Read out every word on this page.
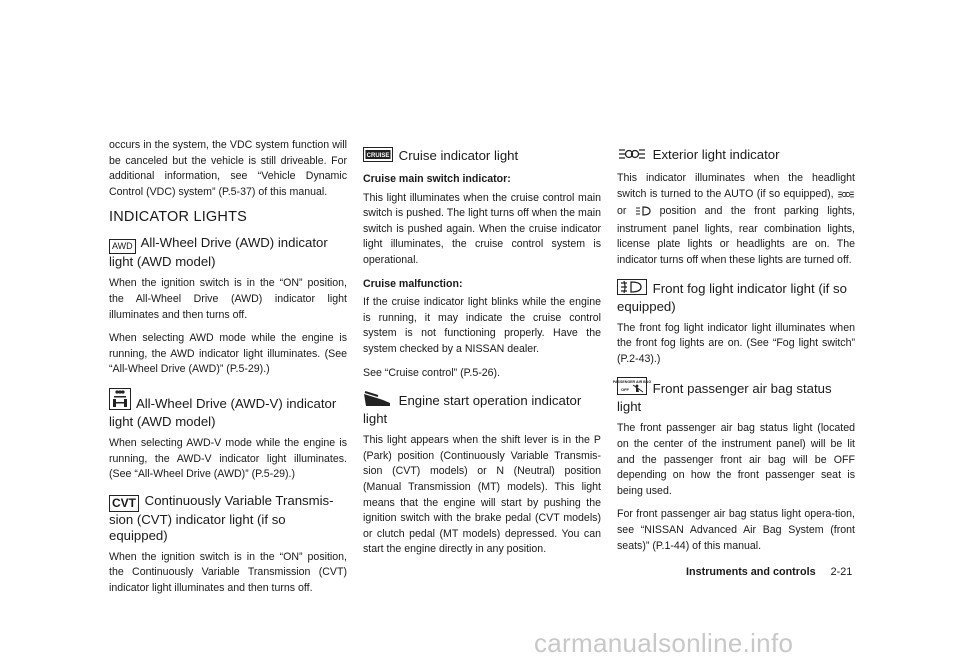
occurs in the system, the VDC system function will be canceled but the vehicle is still driveable. For additional information, see “Vehicle Dynamic Control (VDC) system” (P.5-37) of this manual.

INDICATOR LIGHTS
AWD All-Wheel Drive (AWD) indicator light (AWD model)

When the ignition switch is in the “ON” position, the All-Wheel Drive (AWD) indicator light illuminates and then turns off.

When selecting AWD mode while the engine is running, the AWD indicator light illuminates. (See “All-Wheel Drive (AWD)” (P.5-29).)

All-Wheel Drive (AWD-V) indicator light (AWD model)

When selecting AWD-V mode while the engine is running, the AWD-V indicator light illuminates. (See “All-Wheel Drive (AWD)” (P.5-29).)

CVT Continuously Variable Transmis-sion (CVT) indicator light (if so equipped)

When the ignition switch is in the “ON” position, the Continuously Variable Transmission (CVT) indicator light illuminates and then turns off.

CRUISE Cruise indicator light
Cruise main switch indicator:

This light illuminates when the cruise control main switch is pushed. The light turns off when the main switch is pushed again. When the cruise indicator light illuminates, the cruise control system is operational.

Cruise malfunction:

If the cruise indicator light blinks while the engine is running, it may indicate the cruise control system is not functioning properly. Have the system checked by a NISSAN dealer.

See “Cruise control” (P.5-26).

Engine start operation indicator light

This light appears when the shift lever is in the P (Park) position (Continuously Variable Transmis-sion (CVT) models) or N (Neutral) position (Manual Transmission (MT) models). This light means that the engine will start by pushing the ignition switch with the brake pedal (CVT models) or clutch pedal (MT models) depressed. You can start the engine directly in any position.

Exterior light indicator

This indicator illuminates when the headlight switch is turned to the AUTO (if so equipped),  or	position and the front parking lights, instrument panel lights, rear combination lights, license plate lights or headlights are on. The indicator turns off when these lights are turned off.

Front fog light indicator light (if so equipped)

The front fog light indicator light illuminates when the front fog lights are on. (See “Fog light switch” (P.2-43).)

PASSENGER AIR BAG
OFF Front passenger air bag status light

The front passenger air bag status light (located on the center of the instrument panel) will be lit and the passenger front air bag will be OFF depending on how the front passenger seat is being used.

For front passenger air bag status light opera-tion, see “NISSAN Advanced Air Bag System (front seats)” (P.1-44) of this manual.

Instruments and controls 2-21
carmanualsonline.info
